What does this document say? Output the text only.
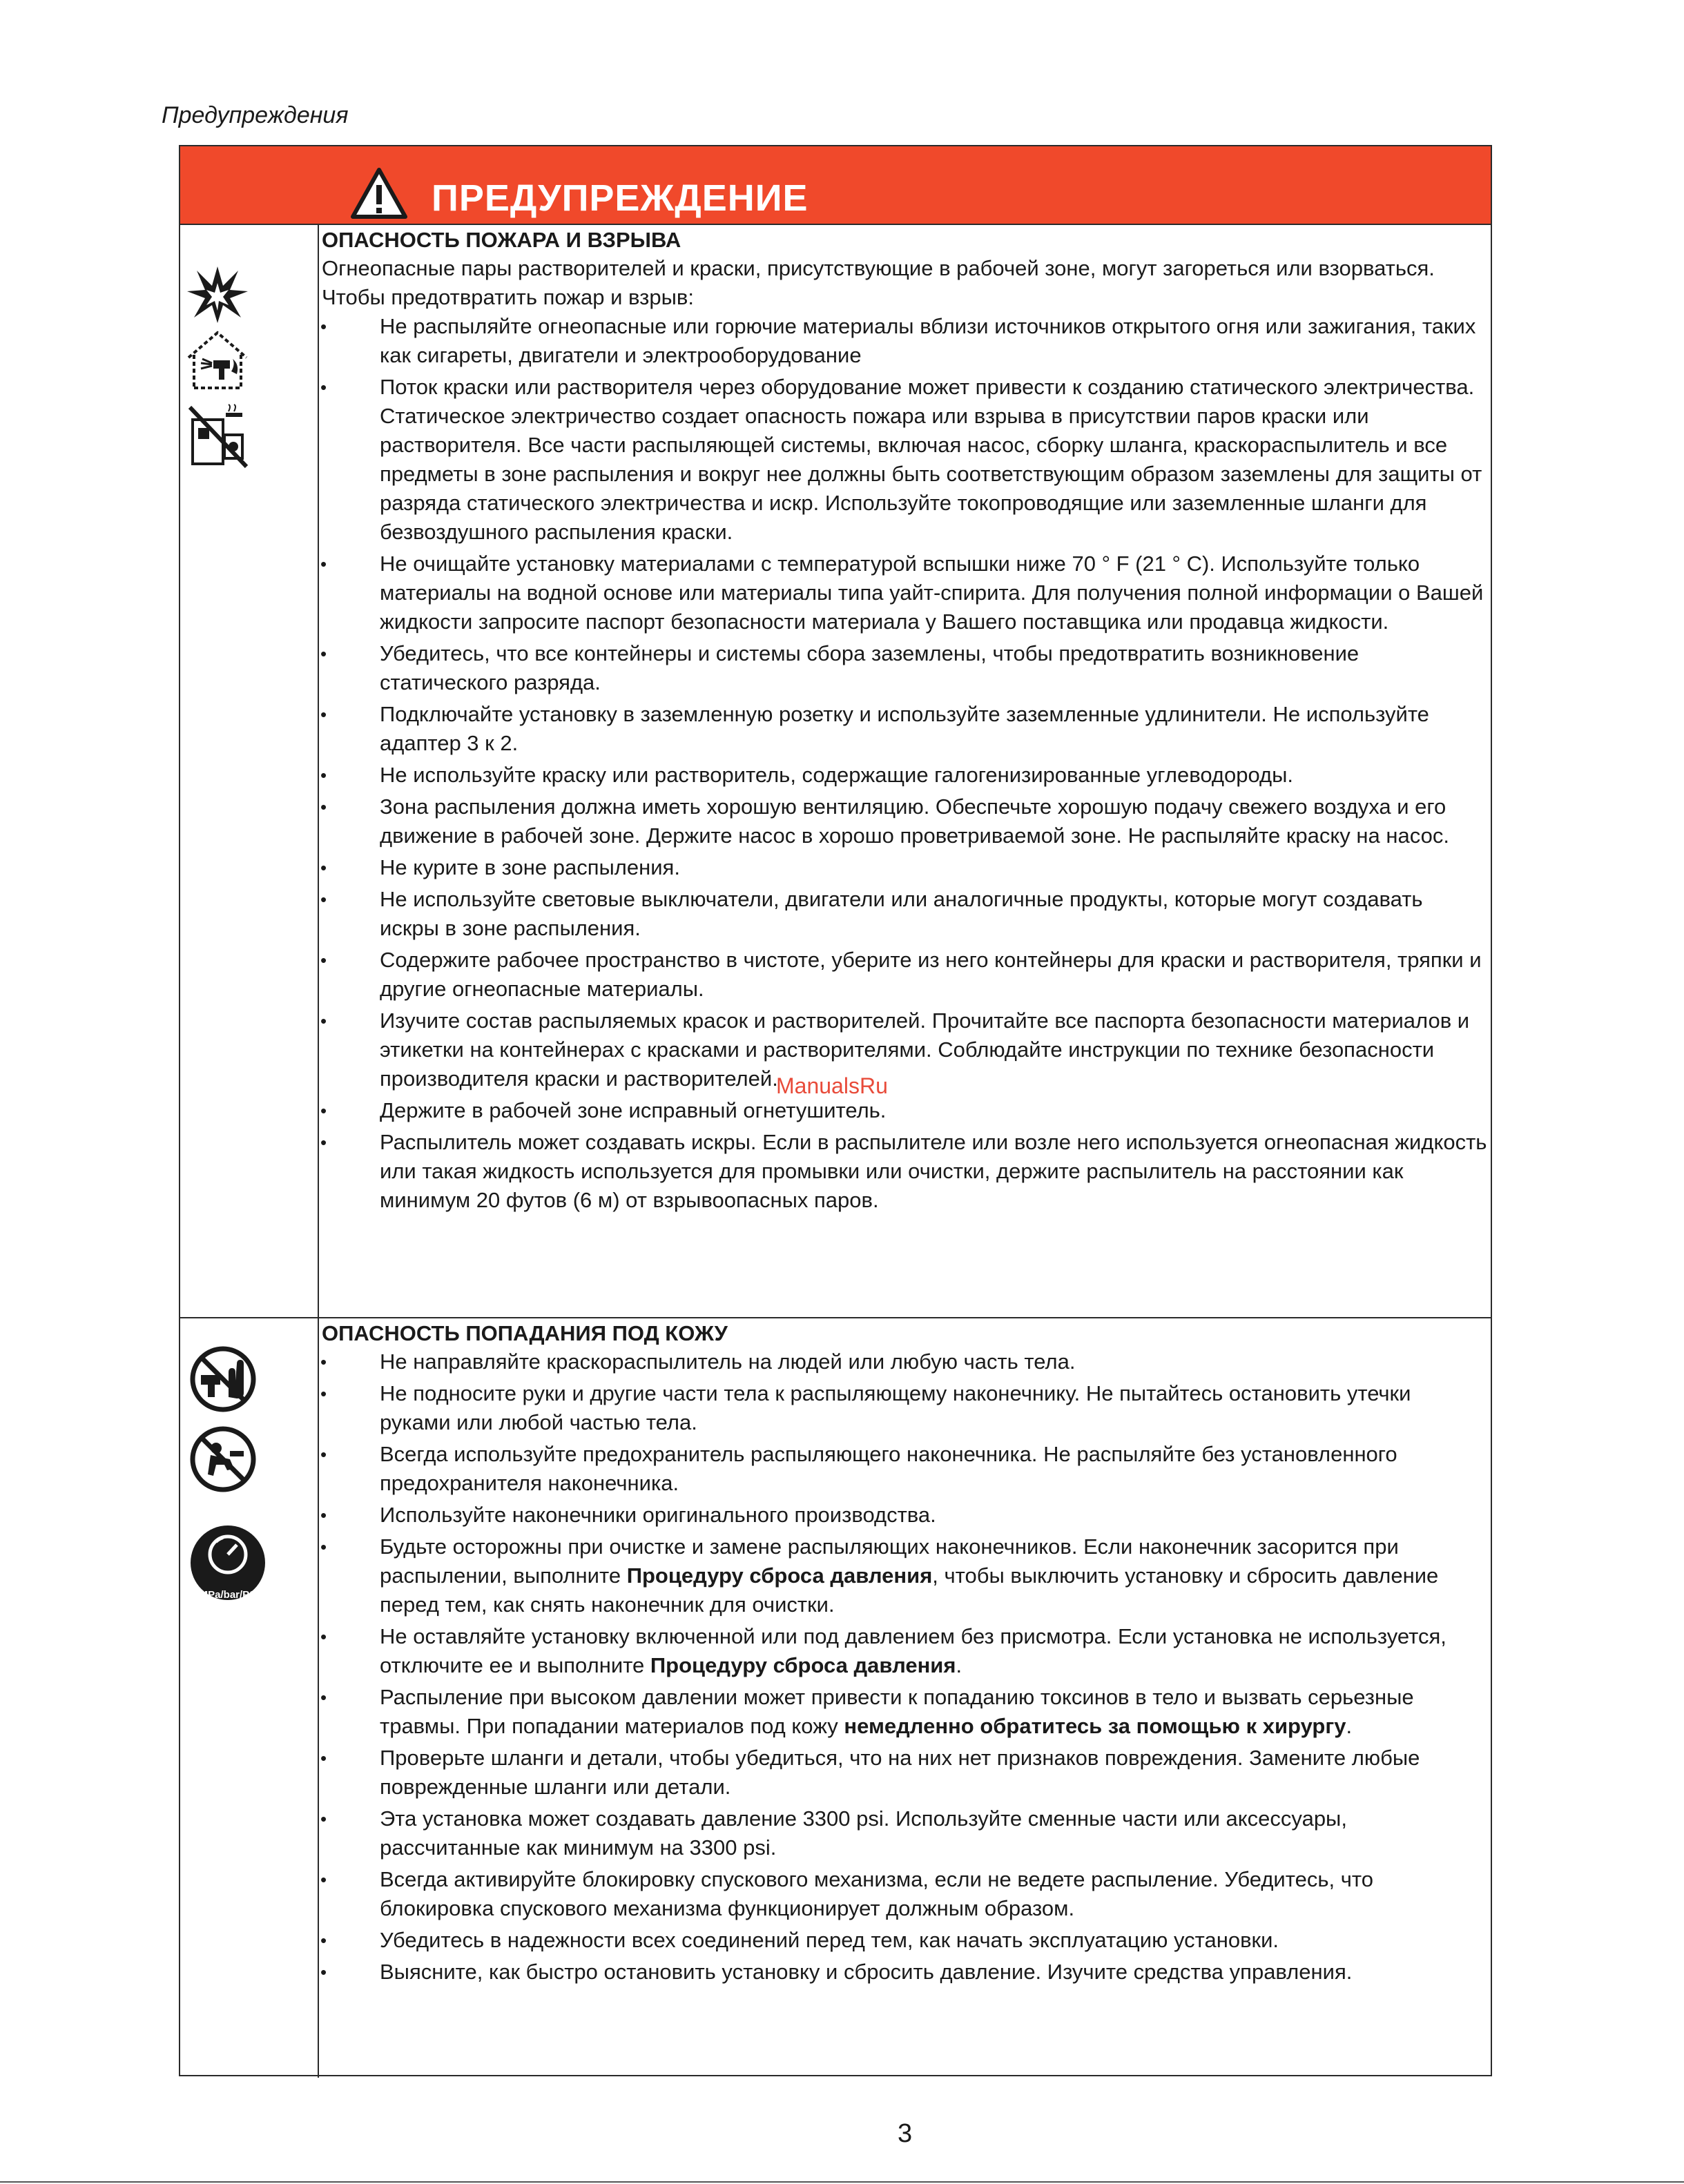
Предупреждения
ПРЕДУПРЕЖДЕНИЕ
MPa/bar/PSI
ОПАСНОСТЬ ПОЖАРА И ВЗРЫВА
Огнеопасные пары растворителей и краски, присутствующие в рабочей зоне, могут загореться или взорваться. Чтобы предотвратить пожар и взрыв:
• Не распыляйте огнеопасные или горючие материалы вблизи источников открытого огня или зажигания, таких как сигареты, двигатели и электрооборудование
• Поток краски или растворителя через оборудование может привести к созданию статического электричества. Статическое электричество создает опасность пожара или взрыва в присутствии паров краски или растворителя. Все части распыляющей системы, включая насос, сборку шланга, краскораспылитель и все предметы в зоне распыления и вокруг нее должны быть соответствующим образом заземлены для защиты от разряда статического электричества и искр. Используйте токопроводящие или заземленные шланги для безвоздушного распыления краски.
• Не очищайте установку материалами с температурой вспышки ниже 70 ° F (21 ° C). Используйте только материалы на водной основе или материалы типа уайт-спирита. Для получения полной информации о Вашей жидкости запросите паспорт безопасности материала у Вашего поставщика или продавца жидкости.
• Убедитесь, что все контейнеры и системы сбора заземлены, чтобы предотвратить возникновение статического разряда.
• Подключайте установку в заземленную розетку и используйте заземленные удлинители. Не используйте адаптер 3 к 2.
• Не используйте краску или растворитель, содержащие галогенизированные углеводороды.
• Зона распыления должна иметь хорошую вентиляцию. Обеспечьте хорошую подачу свежего воздуха и его движение в рабочей зоне. Держите насос в хорошо проветриваемой зоне. Не распыляйте краску на насос.
• Не курите в зоне распыления.
• Не используйте световые выключатели, двигатели или аналогичные продукты, которые могут создавать искры в зоне распыления.
• Содержите рабочее пространство в чистоте, уберите из него контейнеры для краски и растворителя, тряпки и другие огнеопасные материалы.
• Изучите состав распыляемых красок и растворителей. Прочитайте все паспорта безопасности материалов и этикетки на контейнерах с красками и растворителями. Соблюдайте инструкции по технике безопасности производителя краски и растворителей.
• Держите в рабочей зоне исправный огнетушитель.
• Распылитель может создавать искры. Если в распылителе или возле него используется огнеопасная жидкость или такая жидкость используется для промывки или очистки, держите распылитель на расстоянии как минимум 20 футов (6 м) от взрывоопасных паров.
ОПАСНОСТЬ ПОПАДАНИЯ ПОД КОЖУ
• Не направляйте краскораспылитель на людей или любую часть тела.
• Не подносите руки и другие части тела к распыляющему наконечнику. Не пытайтесь остановить утечки руками или любой частью тела.
• Всегда используйте предохранитель распыляющего наконечника. Не распыляйте без установленного предохранителя наконечника.
• Используйте наконечники оригинального производства.
• Будьте осторожны при очистке и замене распыляющих наконечников. Если наконечник засорится при распылении, выполните Процедуру сброса давления, чтобы выключить установку и сбросить давление перед тем, как снять наконечник для очистки.
• Не оставляйте установку включенной или под давлением без присмотра. Если установка не используется, отключите ее и выполните Процедуру сброса давления.
• Распыление при высоком давлении может привести к попаданию токсинов в тело и вызвать серьезные травмы. При попадании материалов под кожу немедленно обратитесь за помощью к хирургу.
• Проверьте шланги и детали, чтобы убедиться, что на них нет признаков повреждения. Замените любые поврежденные шланги или детали.
• Эта установка может создавать давление 3300 psi. Используйте сменные части или аксессуары, рассчитанные как минимум на 3300 psi.
• Всегда активируйте блокировку спускового механизма, если не ведете распыление. Убедитесь, что блокировка спускового механизма функционирует должным образом.
• Убедитесь в надежности всех соединений перед тем, как начать эксплуатацию установки.
• Выясните, как быстро остановить установку и сбросить давление. Изучите средства управления.
ManualsRu
3
